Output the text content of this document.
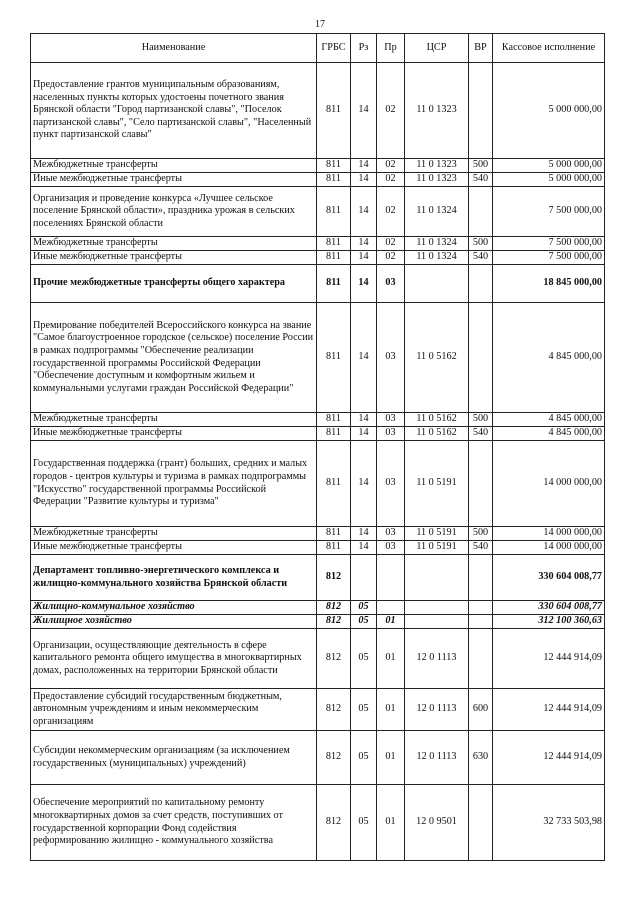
17
Наименование	ГРБС	Рз	Пр	ЦСР	ВР	Кассовое исполнение
Предоставление грантов муниципальным образованиям, населенных пункты которых удостоены почетного звания Брянской области "Город партизанской славы", "Поселок партизанской славы", "Село партизанской славы", "Населенный пункт партизанской славы"	811	14	02	11 0 1323		5 000 000,00
Межбюджетные трансферты	811	14	02	11 0 1323	500	5 000 000,00
Иные межбюджетные трансферты	811	14	02	11 0 1323	540	5 000 000,00
Организация и проведение конкурса «Лучшее сельское поселение Брянской области», праздника урожая в сельских поселениях Брянской области	811	14	02	11 0 1324		7 500 000,00
Межбюджетные трансферты	811	14	02	11 0 1324	500	7 500 000,00
Иные межбюджетные трансферты	811	14	02	11 0 1324	540	7 500 000,00
Прочие межбюджетные трансферты общего характера	811	14	03			18 845 000,00
Премирование победителей Всероссийского конкурса на звание "Самое благоустроенное городское (сельское) поселение России в рамках подпрограммы "Обеспечение реализации государственной программы Российской Федерации "Обеспечение доступным и комфортным жильем и коммунальными услугами граждан Российской Федерации"	811	14	03	11 0 5162		4 845 000,00
Межбюджетные трансферты	811	14	03	11 0 5162	500	4 845 000,00
Иные межбюджетные трансферты	811	14	03	11 0 5162	540	4 845 000,00
Государственная поддержка (грант) больших, средних и малых городов - центров культуры и туризма в рамках подпрограммы "Искусство" государственной программы Российской Федерации "Развитие культуры и туризма"	811	14	03	11 0 5191		14 000 000,00
Межбюджетные трансферты	811	14	03	11 0 5191	500	14 000 000,00
Иные межбюджетные трансферты	811	14	03	11 0 5191	540	14 000 000,00
Департамент топливно-энергетического комплекса и жилищно-коммунального хозяйства Брянской области	812					330 604 008,77
Жилищно-коммунальное хозяйство	812	05				330 604 008,77
Жилищное хозяйство	812	05	01			312 100 360,63
Организации, осуществляющие деятельность в сфере капитального ремонта общего имущества в многоквартирных домах, расположенных на территории Брянской области	812	05	01	12 0 1113		12 444 914,09
Предоставление субсидий государственным бюджетным, автономным учреждениям и иным некоммерческим организациям	812	05	01	12 0 1113	600	12 444 914,09
Субсидии некоммерческим организациям (за исключением государственных (муниципальных) учреждений)	812	05	01	12 0 1113	630	12 444 914,09
Обеспечение мероприятий по капитальному ремонту многоквартирных домов за счет средств, поступивших от государственной корпорации Фонд содействия реформированию жилищно - коммунального хозяйства	812	05	01	12 0 9501		32 733 503,98
